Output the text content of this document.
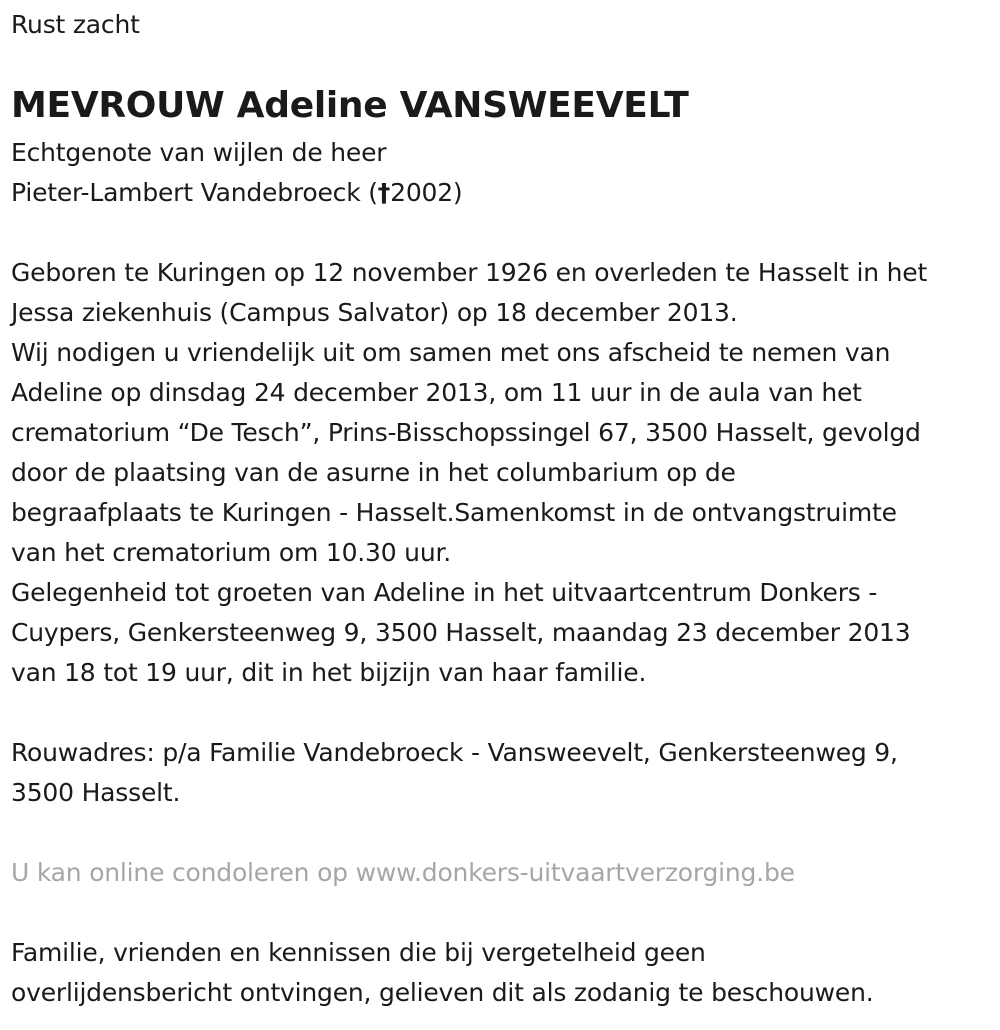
Rust zacht
MEVROUW Adeline VANSWEEVELT
Echtgenote van wijlen de heer
Pieter-Lambert Vandebroeck (†2002)
Geboren te Kuringen op 12 november 1926 en overleden te Hasselt in het
Jessa ziekenhuis (Campus Salvator) op 18 december 2013.
Wij nodigen u vriendelijk uit om samen met ons afscheid te nemen van
Adeline op dinsdag 24 december 2013, om 11 uur in de aula van het
crematorium “De Tesch”, Prins-Bisschopssingel 67, 3500 Hasselt, gevolgd
door de plaatsing van de asurne in het columbarium op de
begraafplaats te Kuringen - Hasselt.Samenkomst in de ontvangstruimte
van het crematorium om 10.30 uur.
Gelegenheid tot groeten van Adeline in het uitvaartcentrum Donkers -
Cuypers, Genkersteenweg 9, 3500 Hasselt, maandag 23 december 2013
van 18 tot 19 uur, dit in het bijzijn van haar familie.
Rouwadres: p/a Familie Vandebroeck - Vansweevelt, Genkersteenweg 9,
3500 Hasselt.
U kan online condoleren op www.donkers-uitvaartverzorging.be
Familie, vrienden en kennissen die bij vergetelheid geen
overlijdensbericht ontvingen, gelieven dit als zodanig te beschouwen.
